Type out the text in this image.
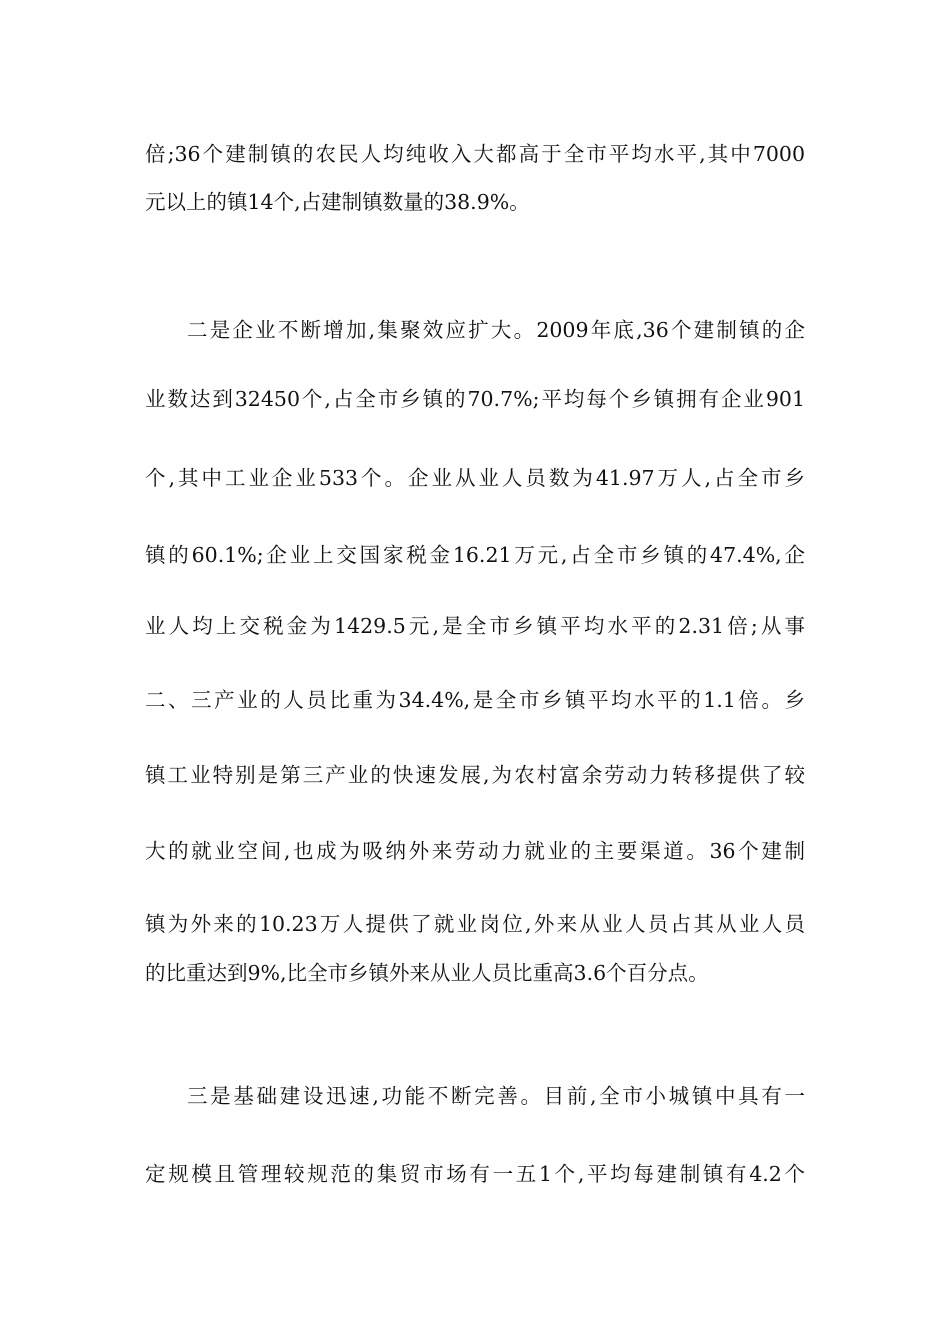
倍;36个建制镇的农民人均纯收入大都高于全市平均水平,其中7000
元以上的镇14个,占建制镇数量的38.9%。
二是企业不断增加,集聚效应扩大。2009年底,36个建制镇的企
业数达到32450个,占全市乡镇的70.7%;平均每个乡镇拥有企业901
个,其中工业企业533个。企业从业人员数为41.97万人,占全市乡
镇的60.1%;企业上交国家税金16.21万元,占全市乡镇的47.4%,企
业人均上交税金为1429.5元,是全市乡镇平均水平的2.31倍;从事
二、三产业的人员比重为34.4%,是全市乡镇平均水平的1.1倍。乡
镇工业特别是第三产业的快速发展,为农村富余劳动力转移提供了较
大的就业空间,也成为吸纳外来劳动力就业的主要渠道。36个建制
镇为外来的10.23万人提供了就业岗位,外来从业人员占其从业人员
的比重达到9%,比全市乡镇外来从业人员比重高3.6个百分点。
三是基础建设迅速,功能不断完善。目前,全市小城镇中具有一
定规模且管理较规范的集贸市场有一五1个,平均每建制镇有4.2个
